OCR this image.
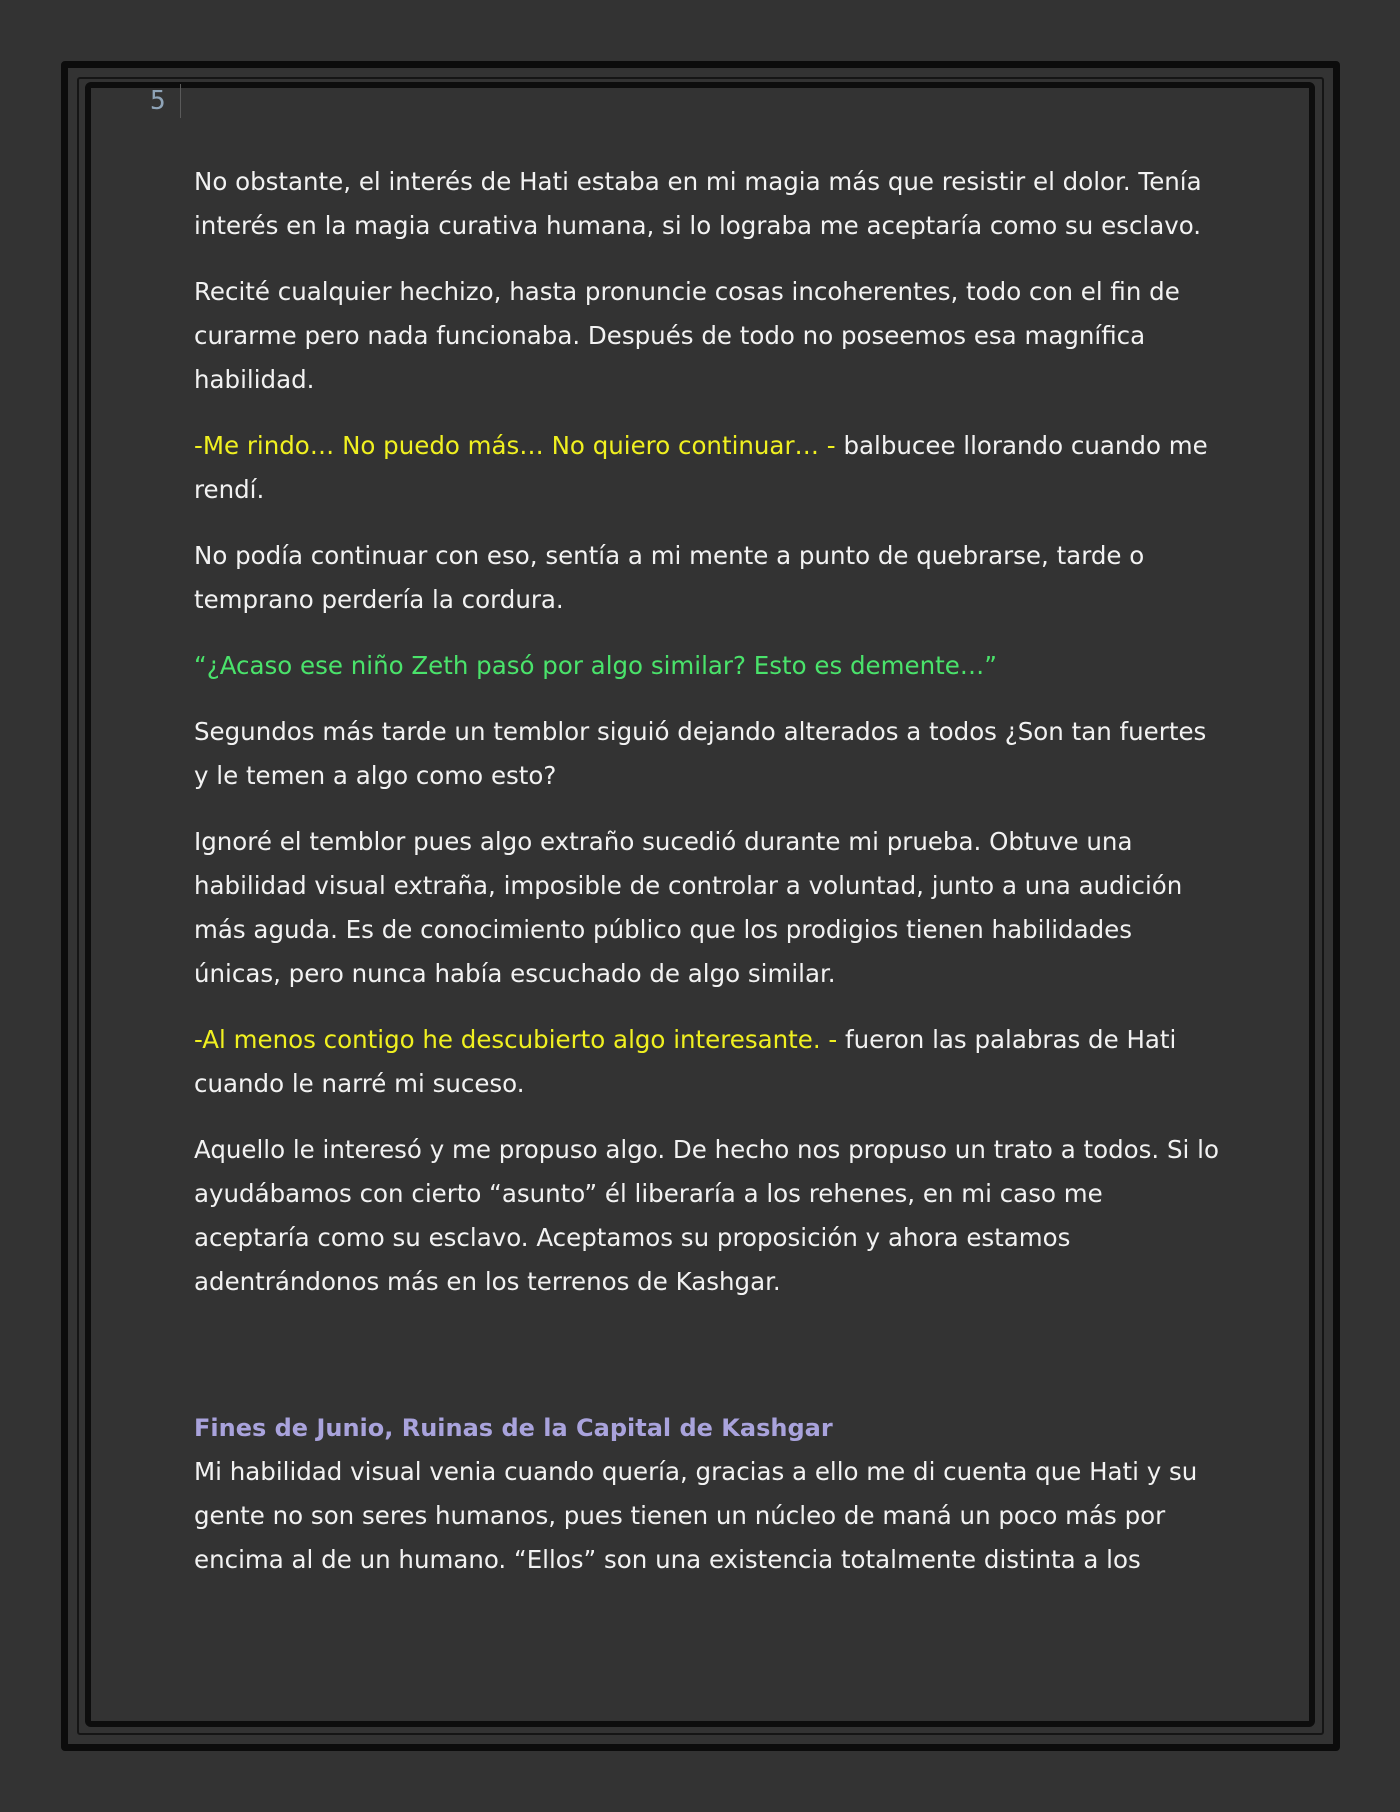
5

No obstante, el interés de Hati estaba en mi magia más que resistir el dolor. Tenía interés en la magia curativa humana, si lo lograba me aceptaría como su esclavo.

Recité cualquier hechizo, hasta pronuncie cosas incoherentes, todo con el fin de curarme pero nada funcionaba. Después de todo no poseemos esa magnífica habilidad.

-Me rindo… No puedo más… No quiero continuar… - balbucee llorando cuando me rendí.

No podía continuar con eso, sentía a mi mente a punto de quebrarse, tarde o temprano perdería la cordura.

“¿Acaso ese niño Zeth pasó por algo similar? Esto es demente…”

Segundos más tarde un temblor siguió dejando alterados a todos ¿Son tan fuertes y le temen a algo como esto?

Ignoré el temblor pues algo extraño sucedió durante mi prueba. Obtuve una habilidad visual extraña, imposible de controlar a voluntad, junto a una audición más aguda. Es de conocimiento público que los prodigios tienen habilidades únicas, pero nunca había escuchado de algo similar.

-Al menos contigo he descubierto algo interesante. - fueron las palabras de Hati cuando le narré mi suceso.

Aquello le interesó y me propuso algo. De hecho nos propuso un trato a todos. Si lo ayudábamos con cierto “asunto” él liberaría a los rehenes, en mi caso me aceptaría como su esclavo. Aceptamos su proposición y ahora estamos adentrándonos más en los terrenos de Kashgar.

Fines de Junio, Ruinas de la Capital de Kashgar

Mi habilidad visual venia cuando quería, gracias a ello me di cuenta que Hati y su gente no son seres humanos, pues tienen un núcleo de maná un poco más por encima al de un humano. “Ellos” son una existencia totalmente distinta a los
